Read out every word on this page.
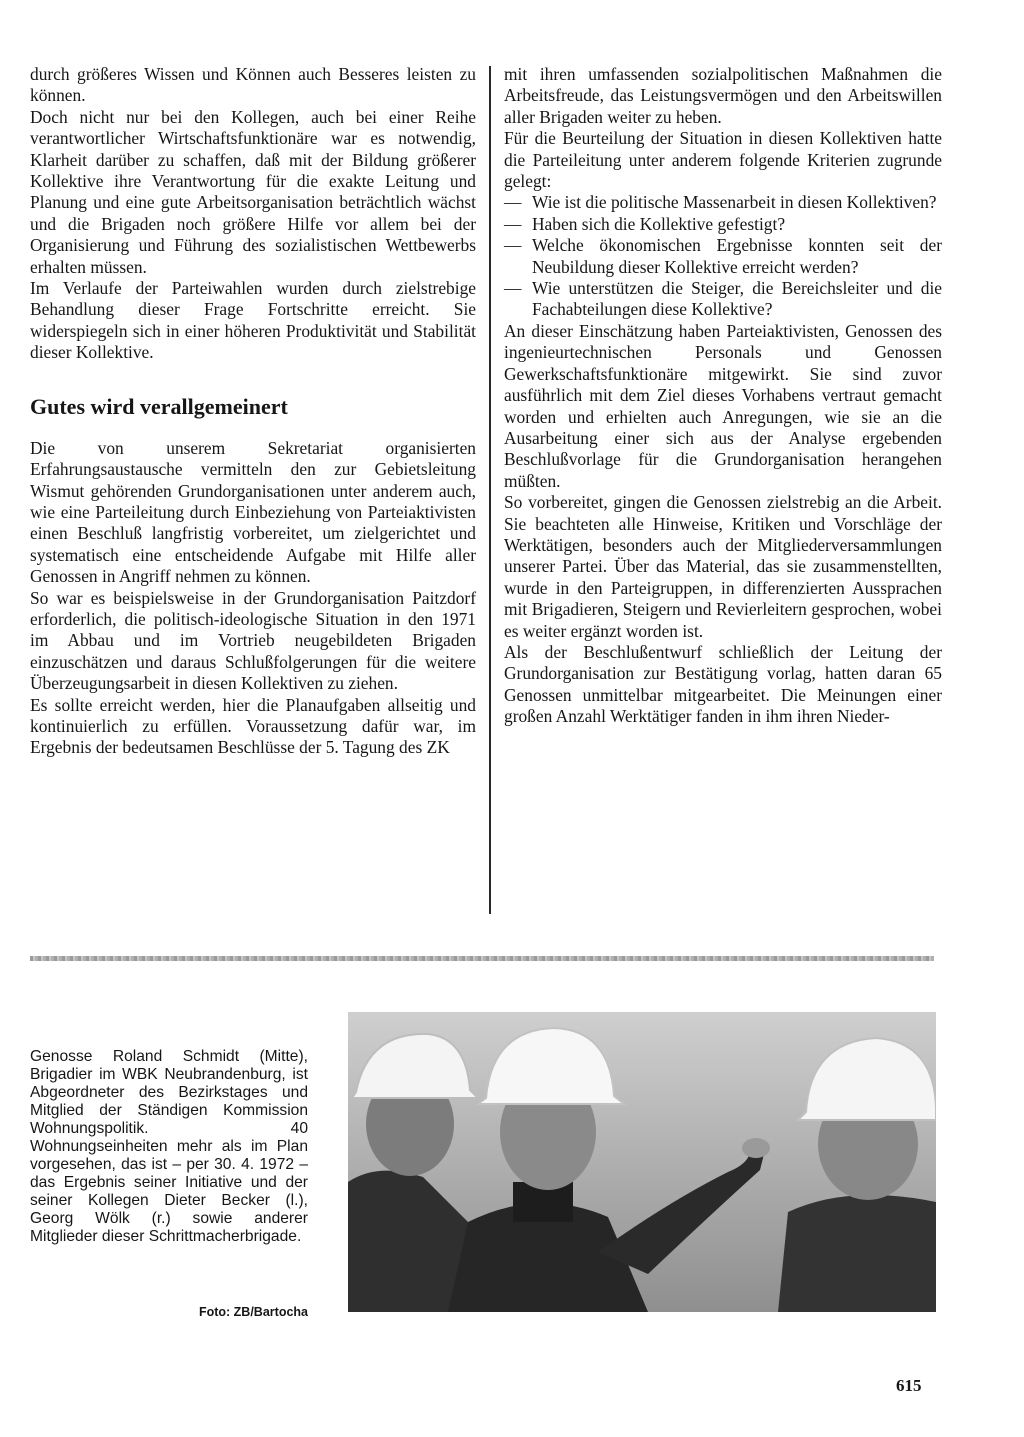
durch größeres Wissen und Können auch Besseres leisten zu können.

Doch nicht nur bei den Kollegen, auch bei einer Reihe verantwortlicher Wirtschaftsfunktionäre war es notwendig, Klarheit darüber zu schaffen, daß mit der Bildung größerer Kollektive ihre Verantwortung für die exakte Leitung und Planung und eine gute Arbeitsorganisation beträchtlich wächst und die Brigaden noch größere Hilfe vor allem bei der Organisierung und Führung des sozialistischen Wettbewerbs erhalten müssen.

Im Verlaufe der Parteiwahlen wurden durch zielstrebige Behandlung dieser Frage Fortschritte erreicht. Sie widerspiegeln sich in einer höheren Produktivität und Stabilität dieser Kollektive.

Gutes wird verallgemeinert

Die von unserem Sekretariat organisierten Erfahrungsaustausche vermitteln den zur Gebietsleitung Wismut gehörenden Grundorganisationen unter anderem auch, wie eine Parteileitung durch Einbeziehung von Parteiaktivisten einen Beschluß langfristig vorbereitet, um zielgerichtet und systematisch eine entscheidende Aufgabe mit Hilfe aller Genossen in Angriff nehmen zu können.

So war es beispielsweise in der Grundorganisation Paitzdorf erforderlich, die politisch-ideologische Situation in den 1971 im Abbau und im Vortrieb neugebildeten Brigaden einzuschätzen und daraus Schlußfolgerungen für die weitere Überzeugungsarbeit in diesen Kollektiven zu ziehen.

Es sollte erreicht werden, hier die Planaufgaben allseitig und kontinuierlich zu erfüllen. Voraussetzung dafür war, im Ergebnis der bedeutsamen Beschlüsse der 5. Tagung des ZK

mit ihren umfassenden sozialpolitischen Maßnahmen die Arbeitsfreude, das Leistungsvermögen und den Arbeitswillen aller Brigaden weiter zu heben.

Für die Beurteilung der Situation in diesen Kollektiven hatte die Parteileitung unter anderem folgende Kriterien zugrunde gelegt:

— Wie ist die politische Massenarbeit in diesen Kollektiven?
— Haben sich die Kollektive gefestigt?
— Welche ökonomischen Ergebnisse konnten seit der Neubildung dieser Kollektive erreicht werden?
— Wie unterstützen die Steiger, die Bereichsleiter und die Fachabteilungen diese Kollektive?

An dieser Einschätzung haben Parteiaktivisten, Genossen des ingenieurtechnischen Personals und Genossen Gewerkschaftsfunktionäre mitgewirkt. Sie sind zuvor ausführlich mit dem Ziel dieses Vorhabens vertraut gemacht worden und erhielten auch Anregungen, wie sie an die Ausarbeitung einer sich aus der Analyse ergebenden Beschlußvorlage für die Grundorganisation herangehen müßten.

So vorbereitet, gingen die Genossen zielstrebig an die Arbeit. Sie beachteten alle Hinweise, Kritiken und Vorschläge der Werktätigen, besonders auch der Mitgliederversammlungen unserer Partei. Über das Material, das sie zusammenstellten, wurde in den Parteigruppen, in differenzierten Aussprachen mit Brigadieren, Steigern und Revierleitern gesprochen, wobei es weiter ergänzt worden ist.

Als der Beschlußentwurf schließlich der Leitung der Grundorganisation zur Bestätigung vorlag, hatten daran 65 Genossen unmittelbar mitgearbeitet. Die Meinungen einer großen Anzahl Werktätiger fanden in ihm ihren Nieder-

Genosse Roland Schmidt (Mitte), Brigadier im WBK Neubrandenburg, ist Abgeordneter des Bezirkstages und Mitglied der Ständigen Kommission Wohnungspolitik. 40 Wohnungseinheiten mehr als im Plan vorgesehen, das ist – per 30. 4. 1972 – das Ergebnis seiner Initiative und der seiner Kollegen Dieter Becker (l.), Georg Wölk (r.) sowie anderer Mitglieder dieser Schrittmacherbrigade.
Foto: ZB/Bartocha
615
